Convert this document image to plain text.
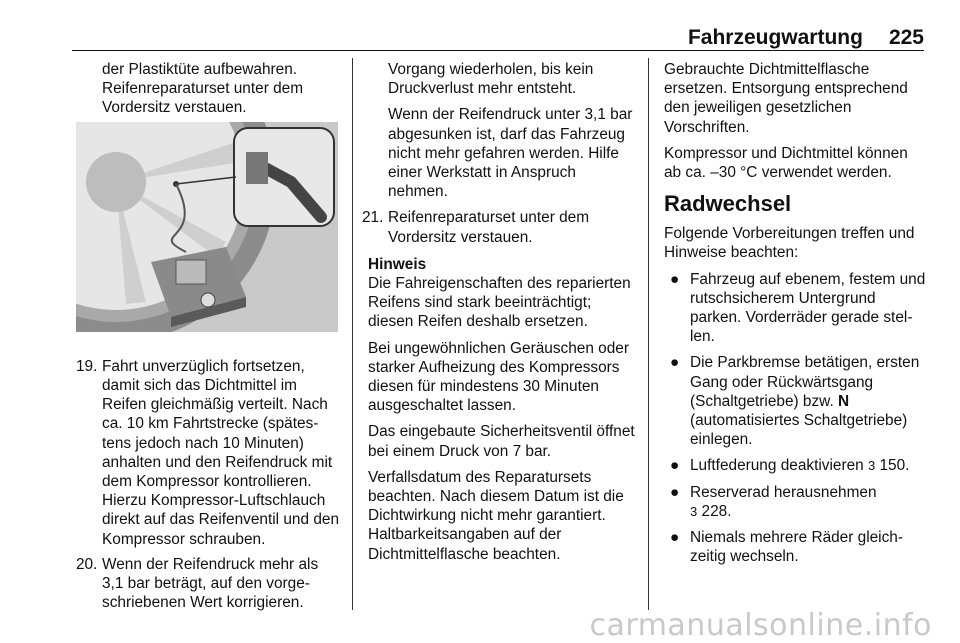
Fahrzeugwartung 225
der Plastiktüte aufbewahren.
Reifenreparaturset unter dem
Vordersitz verstauen.
19. Fahrt unverzüglich fortsetzen, damit sich das Dichtmittel im Reifen gleichmäßig verteilt. Nach ca. 10 km Fahrtstrecke (spätestens jedoch nach 10 Minuten) anhalten und den Reifendruck mit dem Kompressor kontrollieren. Hierzu Kompressor-Luftschlauch direkt auf das Reifenventil und den Kompressor schrauben.
20. Wenn der Reifendruck mehr als 3,1 bar beträgt, auf den vorgeschriebenen Wert korrigieren.

Vorgang wiederholen, bis kein Druckverlust mehr entsteht.

Wenn der Reifendruck unter 3,1 bar abgesunken ist, darf das Fahrzeug nicht mehr gefahren werden. Hilfe einer Werkstatt in Anspruch nehmen.

21. Reifenreparaturset unter dem Vordersitz verstauen.
Hinweis

Die Fahreigenschaften des reparierten Reifens sind stark beeinträchtigt; diesen Reifen deshalb ersetzen.

Bei ungewöhnlichen Geräuschen oder starker Aufheizung des Kompressors diesen für mindestens 30 Minuten ausgeschaltet lassen.

Das eingebaute Sicherheitsventil öffnet bei einem Druck von 7 bar.

Verfallsdatum des Reparatursets beachten. Nach diesem Datum ist die Dichtwirkung nicht mehr garantiert. Haltbarkeitsangaben auf der Dichtmittelflasche beachten.

Gebrauchte Dichtmittelflasche ersetzen. Entsorgung entsprechend den jeweiligen gesetzlichen Vorschriften.

Kompressor und Dichtmittel können ab ca. –30 °C verwendet werden.

Radwechsel

Folgende Vorbereitungen treffen und Hinweise beachten:

● Fahrzeug auf ebenem, festem und rutschsicherem Untergrund parken. Vorderräder gerade stellen.
● Die Parkbremse betätigen, ersten Gang oder Rückwärtsgang (Schaltgetriebe) bzw. N (automatisiertes Schaltgetriebe) einlegen.
● Luftfederung deaktivieren 3 150.
● Reserverad herausnehmen
3 228.
● Niemals mehrere Räder gleichzeitig wechseln.
carmanualsonline.info
